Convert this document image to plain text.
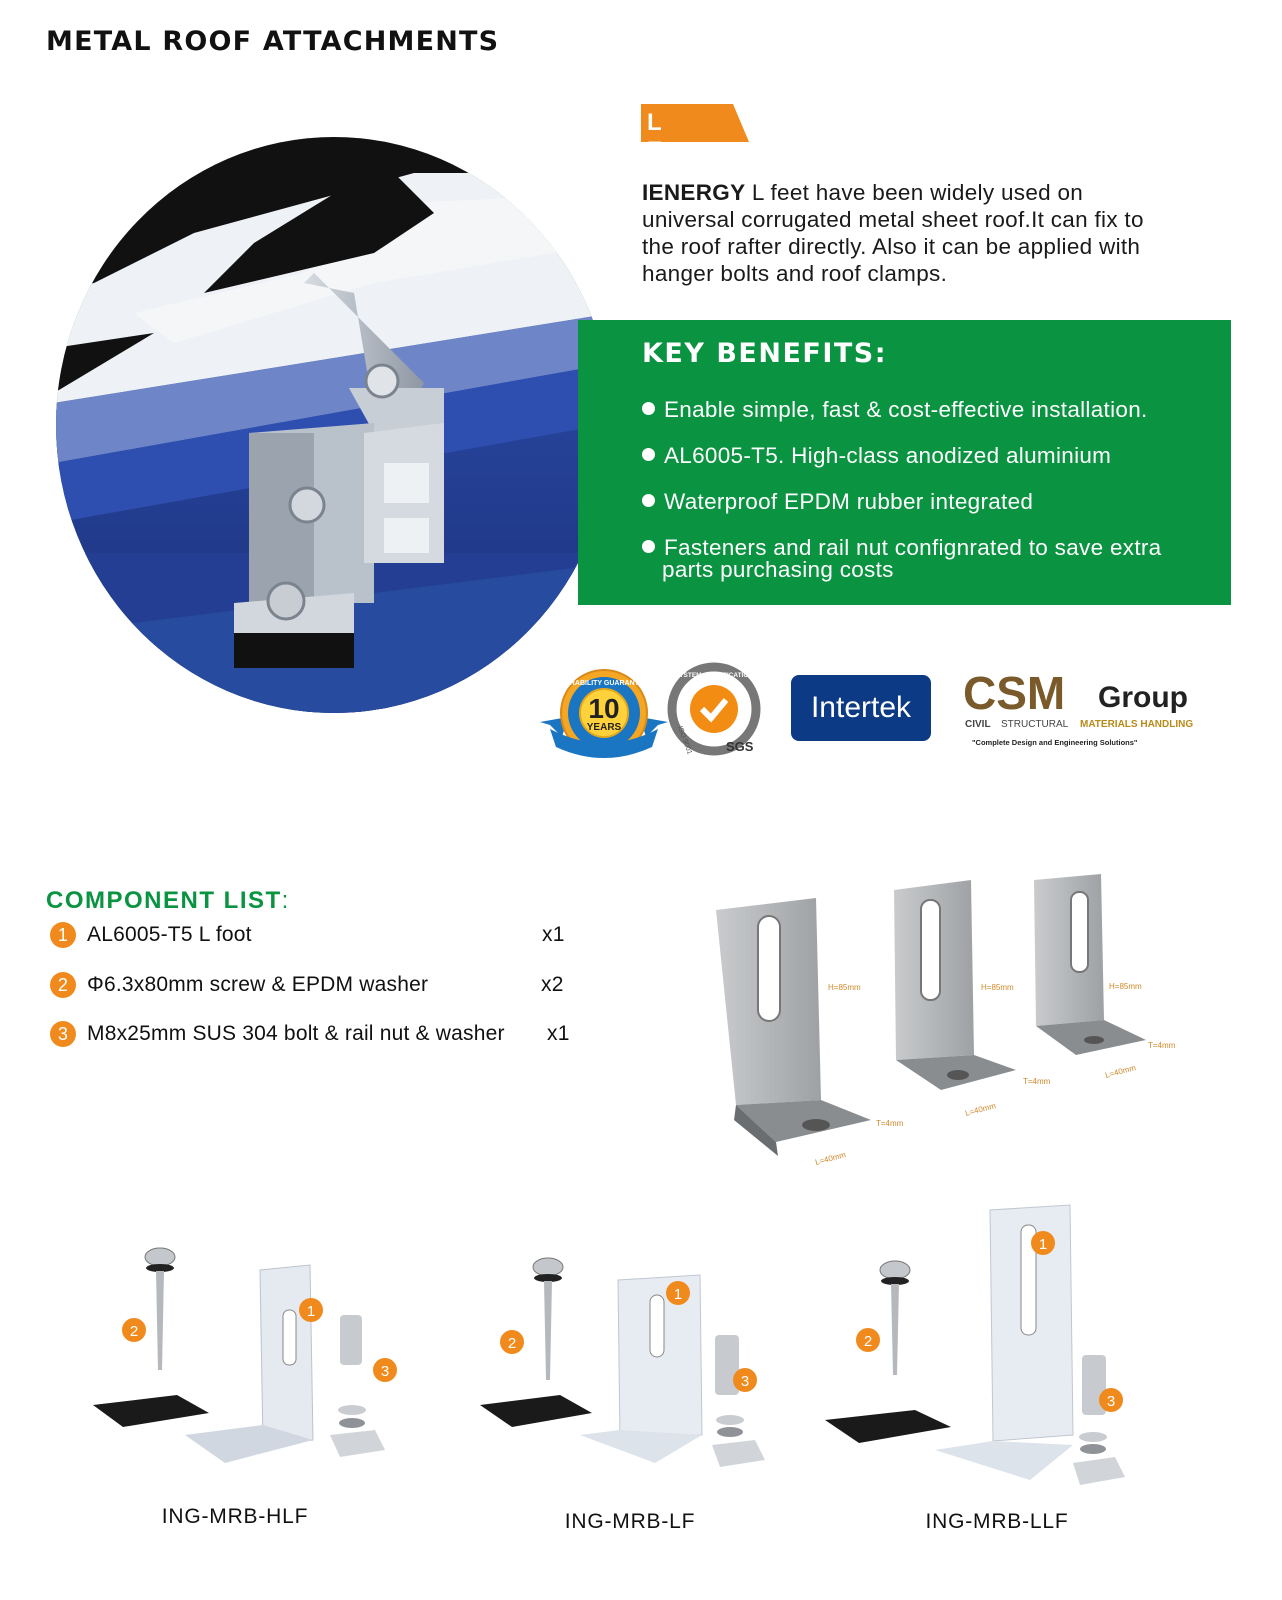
METAL ROOF ATTACHMENTS
L Foot
IENERGY L feet have been widely used on
universal corrugated metal sheet roof.It can fix to
the roof rafter directly. Also it can be applied with
hanger bolts and roof clamps.
KEY BENEFITS:
Enable simple, fast & cost-effective installation.
AL6005-T5. High-class anodized aluminium
Waterproof EPDM rubber integrated
Fasteners and rail nut confignrated to save extra
parts purchasing costs
DURABILITY GUARANTEE
10
YEARS
SYSTEM CERTIFICATION
ISO 9001	SGS
Intertek CSM Group
CIVIL STRUCTURAL MATERIALS HANDLING
"Complete Design and Engineering Solutions"
COMPONENT LIST:
1 AL6005-T5 L foot	x1
2 Φ6.3x80mm screw & EPDM washer	x2
3 M8x25mm SUS 304 bolt & rail nut & washer x1
H=85mm
T=4mm
L=40mm
H=85mm
T=4mm
L=40mm
H=85mm
T=4mm
L=40mm
2
1
3
ING-MRB-HLF
2
1
3
ING-MRB-LF
2
1
3
ING-MRB-LLF
